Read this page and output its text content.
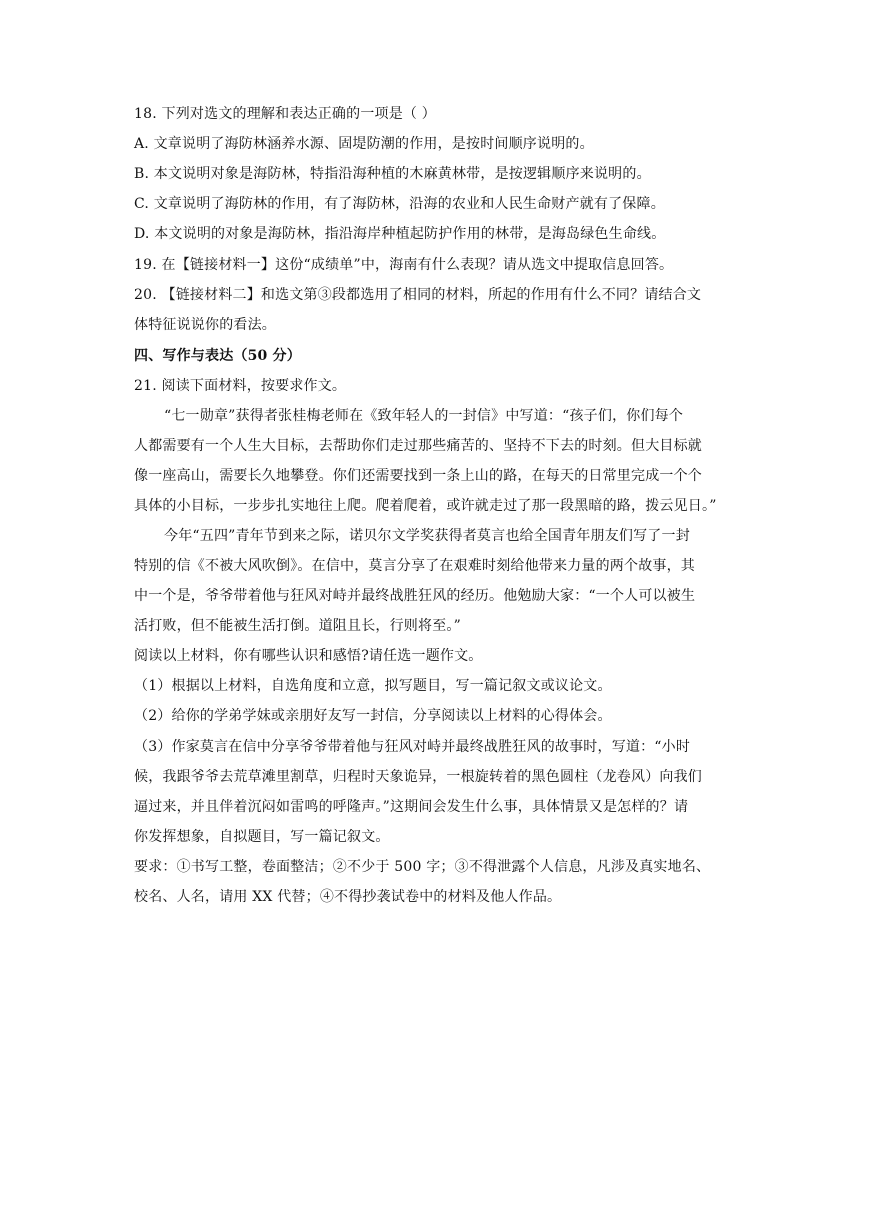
18. 下列对选文的理解和表达正确的一项是（ ）
A. 文章说明了海防林涵养水源、固堤防潮的作用，是按时间顺序说明的。
B. 本文说明对象是海防林，特指沿海种植的木麻黄林带，是按逻辑顺序来说明的。
C. 文章说明了海防林的作用，有了海防林，沿海的农业和人民生命财产就有了保障。
D. 本文说明的对象是海防林，指沿海岸种植起防护作用的林带，是海岛绿色生命线。
19. 在【链接材料一】这份“成绩单”中，海南有什么表现？请从选文中提取信息回答。
20. 【链接材料二】和选文第③段都选用了相同的材料，所起的作用有什么不同？请结合文
体特征说说你的看法。
四、写作与表达（50 分）
21. 阅读下面材料，按要求作文。
“七一勋章”获得者张桂梅老师在《致年轻人的一封信》中写道：“孩子们，你们每个
人都需要有一个人生大目标，去帮助你们走过那些痛苦的、坚持不下去的时刻。但大目标就
像一座高山，需要长久地攀登。你们还需要找到一条上山的路，在每天的日常里完成一个个
具体的小目标，一步步扎实地往上爬。爬着爬着，或许就走过了那一段黑暗的路，拨云见日。”
今年“五四”青年节到来之际，诺贝尔文学奖获得者莫言也给全国青年朋友们写了一封
特别的信《不被大风吹倒》。在信中，莫言分享了在艰难时刻给他带来力量的两个故事，其
中一个是，爷爷带着他与狂风对峙并最终战胜狂风的经历。他勉励大家：“一个人可以被生
活打败，但不能被生活打倒。道阻且长，行则将至。”
阅读以上材料，你有哪些认识和感悟?请任选一题作文。
（1）根据以上材料，自选角度和立意，拟写题目，写一篇记叙文或议论文。
（2）给你的学弟学妹或亲朋好友写一封信，分享阅读以上材料的心得体会。
（3）作家莫言在信中分享爷爷带着他与狂风对峙并最终战胜狂风的故事时，写道：“小时
候，我跟爷爷去荒草滩里割草，归程时天象诡异，一根旋转着的黑色圆柱（龙卷风）向我们
逼过来，并且伴着沉闷如雷鸣的呼隆声。”这期间会发生什么事，具体情景又是怎样的？请
你发挥想象，自拟题目，写一篇记叙文。
要求：①书写工整，卷面整洁；②不少于 500 字；③不得泄露个人信息，凡涉及真实地名、
校名、人名，请用 XX 代替；④不得抄袭试卷中的材料及他人作品。
